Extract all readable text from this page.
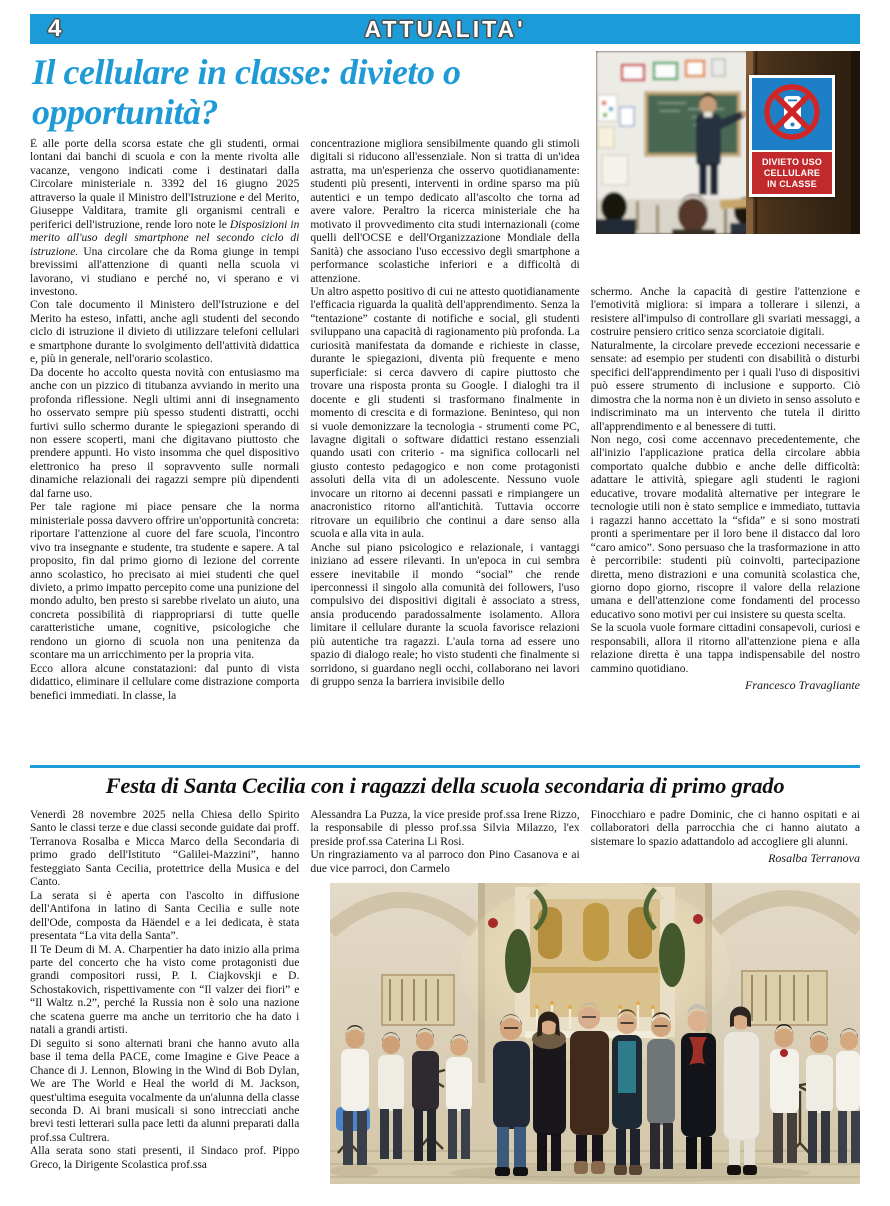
4	ATTUALITA'
DIVIETO USO
CELLULARE
IN CLASSE
Il cellulare in classe: divieto o opportunità?

È alle porte della scorsa estate che gli studenti, ormai lontani dai banchi di scuola e con la mente rivolta alle vacanze, vengono indicati come i destinatari dalla Circolare ministeriale n. 3392 del 16 giugno 2025 attraverso la quale il Ministro dell'Istruzione e del Merito, Giuseppe Valditara, tramite gli organismi centrali e periferici dell'istruzione, rende loro note le Disposizioni in merito all'uso degli smartphone nel secondo ciclo di istruzione. Una circolare che da Roma giunge in tempi brevissimi all'attenzione di quanti nella scuola vi lavorano, vi studiano e perché no, vi sperano e vi investono.

Con tale documento il Ministero dell'Istruzione e del Merito ha esteso, infatti, anche agli studenti del secondo ciclo di istruzione il divieto di utilizzare telefoni cellulari e smartphone durante lo svolgimento dell'attività didattica e, più in generale, nell'orario scolastico.

Da docente ho accolto questa novità con entusiasmo ma anche con un pizzico di titubanza avviando in merito una profonda riflessione. Negli ultimi anni di insegnamento ho osservato sempre più spesso studenti distratti, occhi furtivi sullo schermo durante le spiegazioni sperando di non essere scoperti, mani che digitavano piuttosto che prendere appunti. Ho visto insomma che quel dispositivo elettronico ha preso il sopravvento sulle normali dinamiche relazionali dei ragazzi sempre più dipendenti dal farne uso.

Per tale ragione mi piace pensare che la norma ministeriale possa davvero offrire un'opportunità concreta: riportare l'attenzione al cuore del fare scuola, l'incontro vivo tra insegnante e studente, tra studente e sapere. A tal proposito, fin dal primo giorno di lezione del corrente anno scolastico, ho precisato ai miei studenti che quel divieto, a primo impatto percepito come una punizione del mondo adulto, ben presto si sarebbe rivelato un aiuto, una concreta possibilità di riappropriarsi di tutte quelle caratteristiche umane, cognitive, psicologiche che rendono un giorno di scuola non una penitenza da scontare ma un arricchimento per la propria vita.

Ecco allora alcune constatazioni: dal punto di vista didattico, eliminare il cellulare come distrazione comporta benefici immediati. In classe, la

concentrazione migliora sensibilmente quando gli stimoli digitali si riducono all'essenziale. Non si tratta di un'idea astratta, ma un'esperienza che osservo quotidianamente: studenti più presenti, interventi in ordine sparso ma più autentici e un tempo dedicato all'ascolto che torna ad avere valore. Peraltro la ricerca ministeriale che ha motivato il provvedimento cita studi internazionali (come quelli dell'OCSE e dell'Organizzazione Mondiale della Sanità) che associano l'uso eccessivo degli smartphone a performance scolastiche inferiori e a difficoltà di attenzione.

Un altro aspetto positivo di cui ne attesto quotidianamente l'efficacia riguarda la qualità dell'apprendimento. Senza la “tentazione” costante di notifiche e social, gli studenti sviluppano una capacità di ragionamento più profonda. La curiosità manifestata da domande e richieste in classe, durante le spiegazioni, diventa più frequente e meno superficiale: si cerca davvero di capire piuttosto che trovare una risposta pronta su Google. I dialoghi tra il docente e gli studenti si trasformano finalmente in momento di crescita e di formazione. Beninteso, qui non si vuole demonizzare la tecnologia - strumenti come PC, lavagne digitali o software didattici restano essenziali quando usati con criterio - ma significa collocarli nel giusto contesto pedagogico e non come protagonisti assoluti della vita di un adolescente. Nessuno vuole invocare un ritorno ai decenni passati e rimpiangere un anacronistico ritorno all'antichità. Tuttavia occorre ritrovare un equilibrio che continui a dare senso alla scuola e alla vita in aula.

Anche sul piano psicologico e relazionale, i vantaggi iniziano ad essere rilevanti. In un'epoca in cui sembra essere inevitabile il mondo “social” che rende iperconnessi il singolo alla comunità dei followers, l'uso compulsivo dei dispositivi digitali è associato a stress, ansia producendo paradossalmente isolamento. Allora limitare il cellulare durante la scuola favorisce relazioni più autentiche tra ragazzi. L'aula torna ad essere uno spazio di dialogo reale; ho visto studenti che finalmente si sorridono, si guardano negli occhi, collaborano nei lavori di gruppo senza la barriera invisibile dello

schermo. Anche la capacità di gestire l'attenzione e l'emotività migliora: si impara a tollerare i silenzi, a resistere all'impulso di controllare gli svariati messaggi, a costruire pensiero critico senza scorciatoie digitali.

Naturalmente, la circolare prevede eccezioni necessarie e sensate: ad esempio per studenti con disabilità o disturbi specifici dell'apprendimento per i quali l'uso di dispositivi può essere strumento di inclusione e supporto. Ciò dimostra che la norma non è un divieto in senso assoluto e indiscriminato ma un intervento che tutela il diritto all'apprendimento e al benessere di tutti.

Non nego, così come accennavo precedentemente, che all'inizio l'applicazione pratica della circolare abbia comportato qualche dubbio e anche delle difficoltà: adattare le attività, spiegare agli studenti le ragioni educative, trovare modalità alternative per integrare le tecnologie utili non è stato semplice e immediato, tuttavia i ragazzi hanno accettato la “sfida” e si sono mostrati pronti a sperimentare per il loro bene il distacco dal loro “caro amico”. Sono persuaso che la trasformazione in atto è percorribile: studenti più coinvolti, partecipazione diretta, meno distrazioni e una comunità scolastica che, giorno dopo giorno, riscopre il valore della relazione umana e dell'attenzione come fondamenti del processo educativo sono motivi per cui insistere su questa scelta.

Se la scuola vuole formare cittadini consapevoli, curiosi e responsabili, allora il ritorno all'attenzione piena e alla relazione diretta è una tappa indispensabile del nostro cammino quotidiano.

Francesco Travagliante
Festa di Santa Cecilia con i ragazzi della scuola secondaria di primo grado

Venerdì 28 novembre 2025 nella Chiesa dello Spirito Santo le classi terze e due classi seconde guidate dai proff. Terranova Rosalba e Micca Marco della Secondaria di primo grado dell'Istituto “Galilei-Mazzini”, hanno festeggiato Santa Cecilia, protettrice della Musica e del Canto.

La serata si è aperta con l'ascolto in diffusione dell'Antifona in latino di Santa Cecilia e sulle note dell'Ode, composta da Häendel e a lei dedicata, è stata presentata “La vita della Santa”.

Il Te Deum di M. A. Charpentier ha dato inizio alla prima parte del concerto che ha visto come protagonisti due grandi compositori russi, P. I. Ciajkovskji e D. Schostakovich, rispettivamente con “Il valzer dei fiori” e “Il Waltz n.2”, perché la Russia non è solo una nazione che scatena guerre ma anche un territorio che ha dato i natali a grandi artisti.

Di seguito si sono alternati brani che hanno avuto alla base il tema della PACE, come Imagine e Give Peace a Chance di J. Lennon, Blowing in the Wind di Bob Dylan, We are The World e Heal the world di M. Jackson, quest'ultima eseguita vocalmente da un'alunna della classe seconda D. Ai brani musicali si sono intrecciati anche brevi testi letterari sulla pace letti da alunni preparati dalla prof.ssa Cultrera.

Alla serata sono stati presenti, il Sindaco prof. Pippo Greco, la Dirigente Scolastica prof.ssa

Alessandra La Puzza, la vice preside prof.ssa Irene Rizzo, la responsabile di plesso prof.ssa Silvia Milazzo, l'ex preside prof.ssa Caterina Li Rosi.

Un ringraziamento va al parroco don Pino Casanova e ai due vice parroci, don Carmelo

Finocchiaro e padre Dominic, che ci hanno ospitati e ai collaboratori della parrocchia che ci hanno aiutato a sistemare lo spazio adattandolo ad accogliere gli alunni.

Rosalba Terranova
